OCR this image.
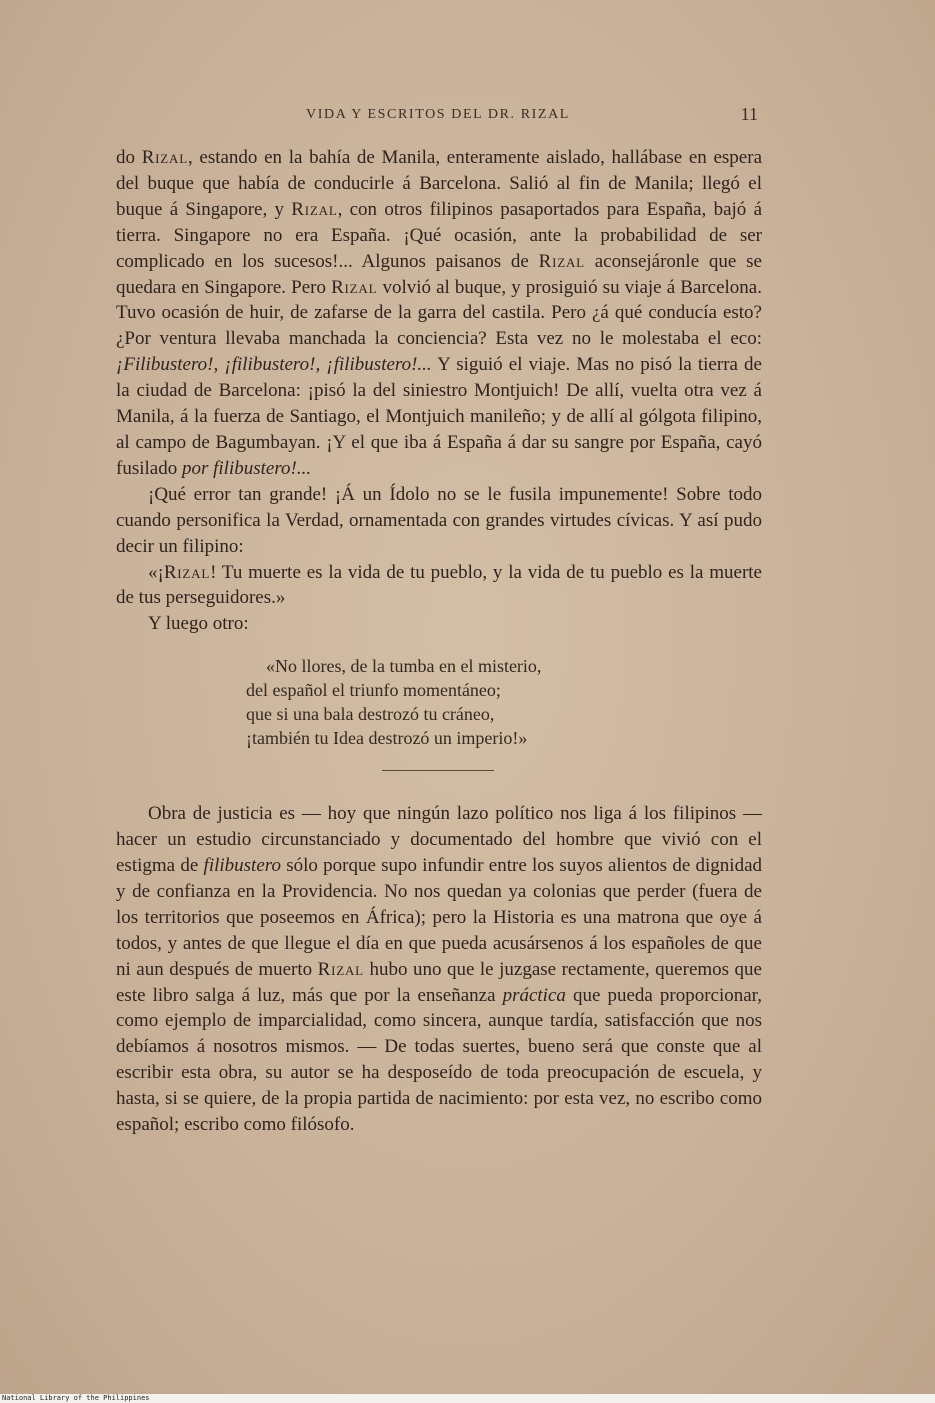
VIDA Y ESCRITOS DEL DR. RIZAL	11

do Rizal, estando en la bahía de Manila, enteramente aislado, hallábase en espera del buque que había de conducirle á Barcelona. Salió al fin de Manila; llegó el buque á Singapore, y Rizal, con otros filipinos pasaportados para España, bajó á tierra. Singapore no era España. ¡Qué ocasión, ante la probabilidad de ser complicado en los sucesos!... Algunos paisanos de Rizal aconsejáronle que se quedara en Singapore. Pero Rizal volvió al buque, y prosiguió su viaje á Barcelona. Tuvo ocasión de huir, de zafarse de la garra del castila. Pero ¿á qué conducía esto? ¿Por ventura llevaba manchada la conciencia? Esta vez no le molestaba el eco: ¡Filibustero!, ¡filibustero!, ¡filibustero!... Y siguió el viaje. Mas no pisó la tierra de la ciudad de Barcelona: ¡pisó la del siniestro Montjuich! De allí, vuelta otra vez á Manila, á la fuerza de Santiago, el Montjuich manileño; y de allí al gólgota filipino, al campo de Bagumbayan. ¡Y el que iba á España á dar su sangre por España, cayó fusilado por filibustero!...

¡Qué error tan grande! ¡Á un Ídolo no se le fusila impunemente! Sobre todo cuando personifica la Verdad, ornamentada con grandes virtudes cívicas. Y así pudo decir un filipino:

«¡Rizal! Tu muerte es la vida de tu pueblo, y la vida de tu pueblo es la muerte de tus perseguidores.»

Y luego otro:

«No llores, de la tumba en el misterio,

del español el triunfo momentáneo;

que si una bala destrozó tu cráneo,

¡también tu Idea destrozó un imperio!»

Obra de justicia es — hoy que ningún lazo político nos liga á los filipinos — hacer un estudio circunstanciado y documentado del hombre que vivió con el estigma de filibustero sólo porque supo infundir entre los suyos alientos de dignidad y de confianza en la Providencia. No nos quedan ya colonias que perder (fuera de los territorios que poseemos en África); pero la Historia es una matrona que oye á todos, y antes de que llegue el día en que pueda acusársenos á los españoles de que ni aun después de muerto Rizal hubo uno que le juzgase rectamente, queremos que este libro salga á luz, más que por la enseñanza práctica que pueda proporcionar, como ejemplo de imparcialidad, como sincera, aunque tardía, satisfacción que nos debíamos á nosotros mismos. — De todas suertes, bueno será que conste que al escribir esta obra, su autor se ha desposeído de toda preocupación de escuela, y hasta, si se quiere, de la propia partida de nacimiento: por esta vez, no escribo como español; escribo como filósofo.

National Library of the Philippines
